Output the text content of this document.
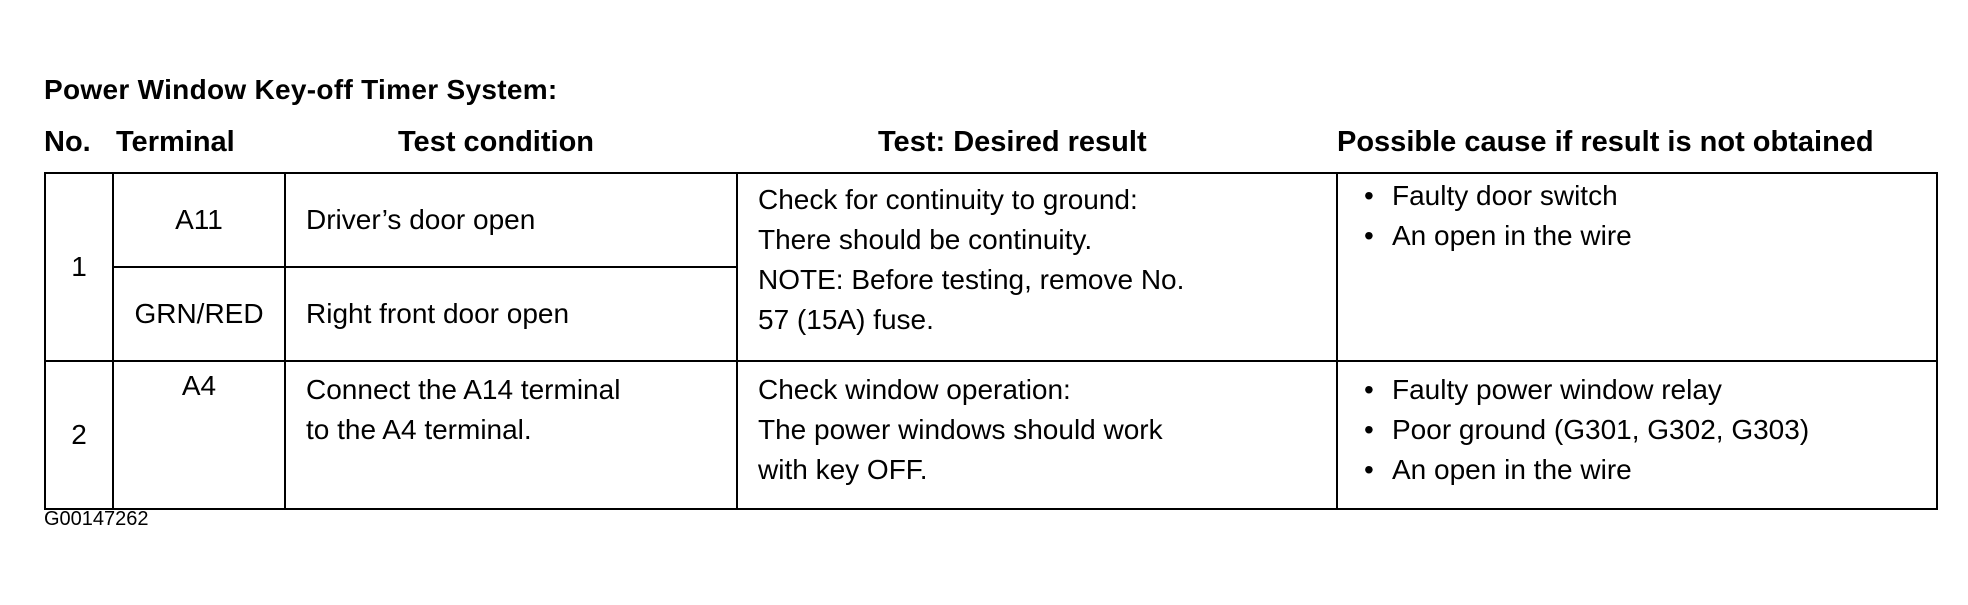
Power Window Key-off Timer System:
No. Terminal	Test condition	Test: Desired result	Possible cause if result is not obtained
1	A11	Driver’s door open	Check for continuity to ground:
There should be continuity.
NOTE: Before testing, remove No.
57 (15A) fuse.	• Faulty door switch
• An open in the wire

	GRN/RED	Right front door open		
2	A4	Connect the A14 terminal
to the A4 terminal.	Check window operation:
The power windows should work
with key OFF.	• Faulty power window relay
• Poor ground (G301, G302, G303)
• An open in the wire
G00147262
